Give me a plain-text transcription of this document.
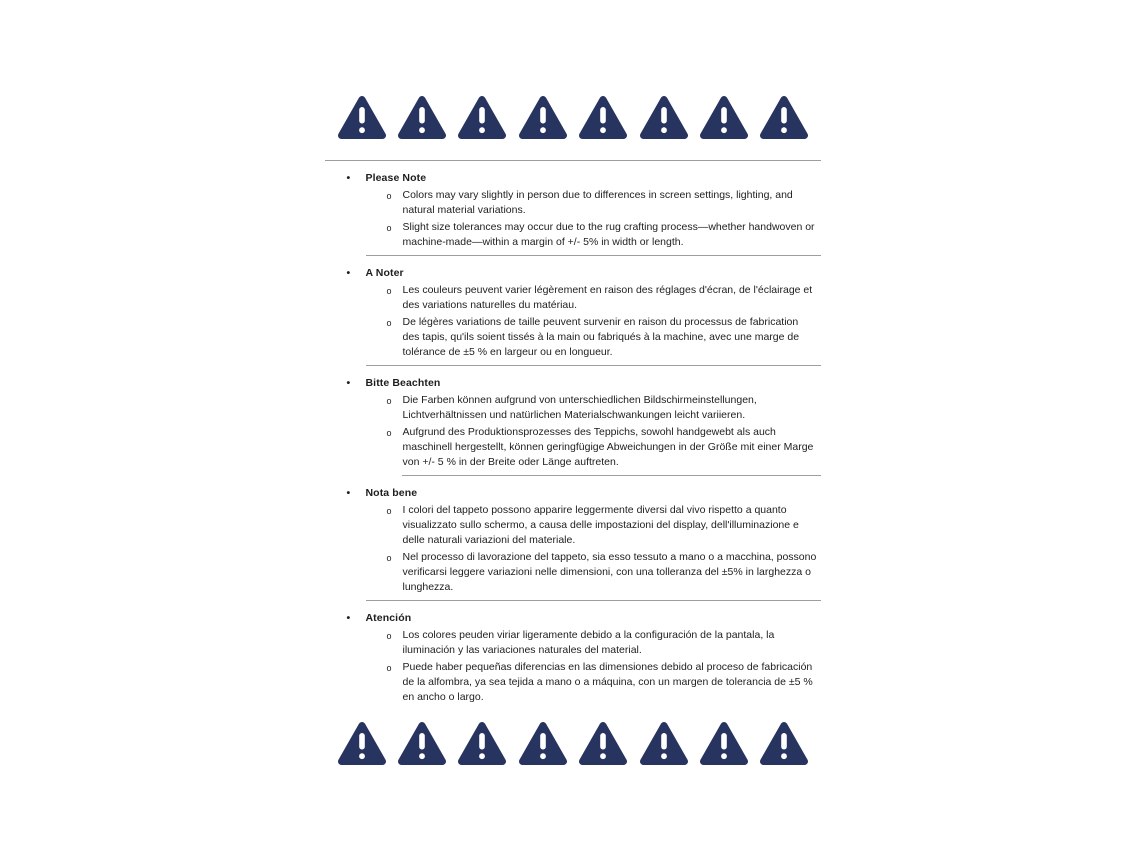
• Please Note
o Colors may vary slightly in person due to differences in screen settings, lighting, and natural material variations.
o Slight size tolerances may occur due to the rug crafting process—whether handwoven or machine-made—within a margin of +/- 5% in width or length.
• A Noter
o Les couleurs peuvent varier légèrement en raison des réglages d'écran, de l'éclairage et des variations naturelles du matériau.
o De légères variations de taille peuvent survenir en raison du processus de fabrication des tapis, qu'ils soient tissés à la main ou fabriqués à la machine, avec une marge de tolérance de ±5 % en largeur ou en longueur.
• Bitte Beachten
o Die Farben können aufgrund von unterschiedlichen Bildschirmeinstellungen, Lichtverhältnissen und natürlichen Materialschwankungen leicht variieren.
o Aufgrund des Produktionsprozesses des Teppichs, sowohl handgewebt als auch maschinell hergestellt, können geringfügige Abweichungen in der Größe mit einer Marge von +/- 5 % in der Breite oder Länge auftreten.
• Nota bene
o I colori del tappeto possono apparire leggermente diversi dal vivo rispetto a quanto visualizzato sullo schermo, a causa delle impostazioni del display, dell'illuminazione e delle naturali variazioni del materiale.
o Nel processo di lavorazione del tappeto, sia esso tessuto a mano o a macchina, possono verificarsi leggere variazioni nelle dimensioni, con una tolleranza del ±5% in larghezza o lunghezza.
• Atención
o Los colores peuden viriar ligeramente debido a la configuración de la pantala, la iluminación y las variaciones naturales del material.
o Puede haber pequeñas diferencias en las dimensiones debido al proceso de fabricación de la alfombra, ya sea tejida a mano o a máquina, con un margen de tolerancia de ±5 % en ancho o largo.
